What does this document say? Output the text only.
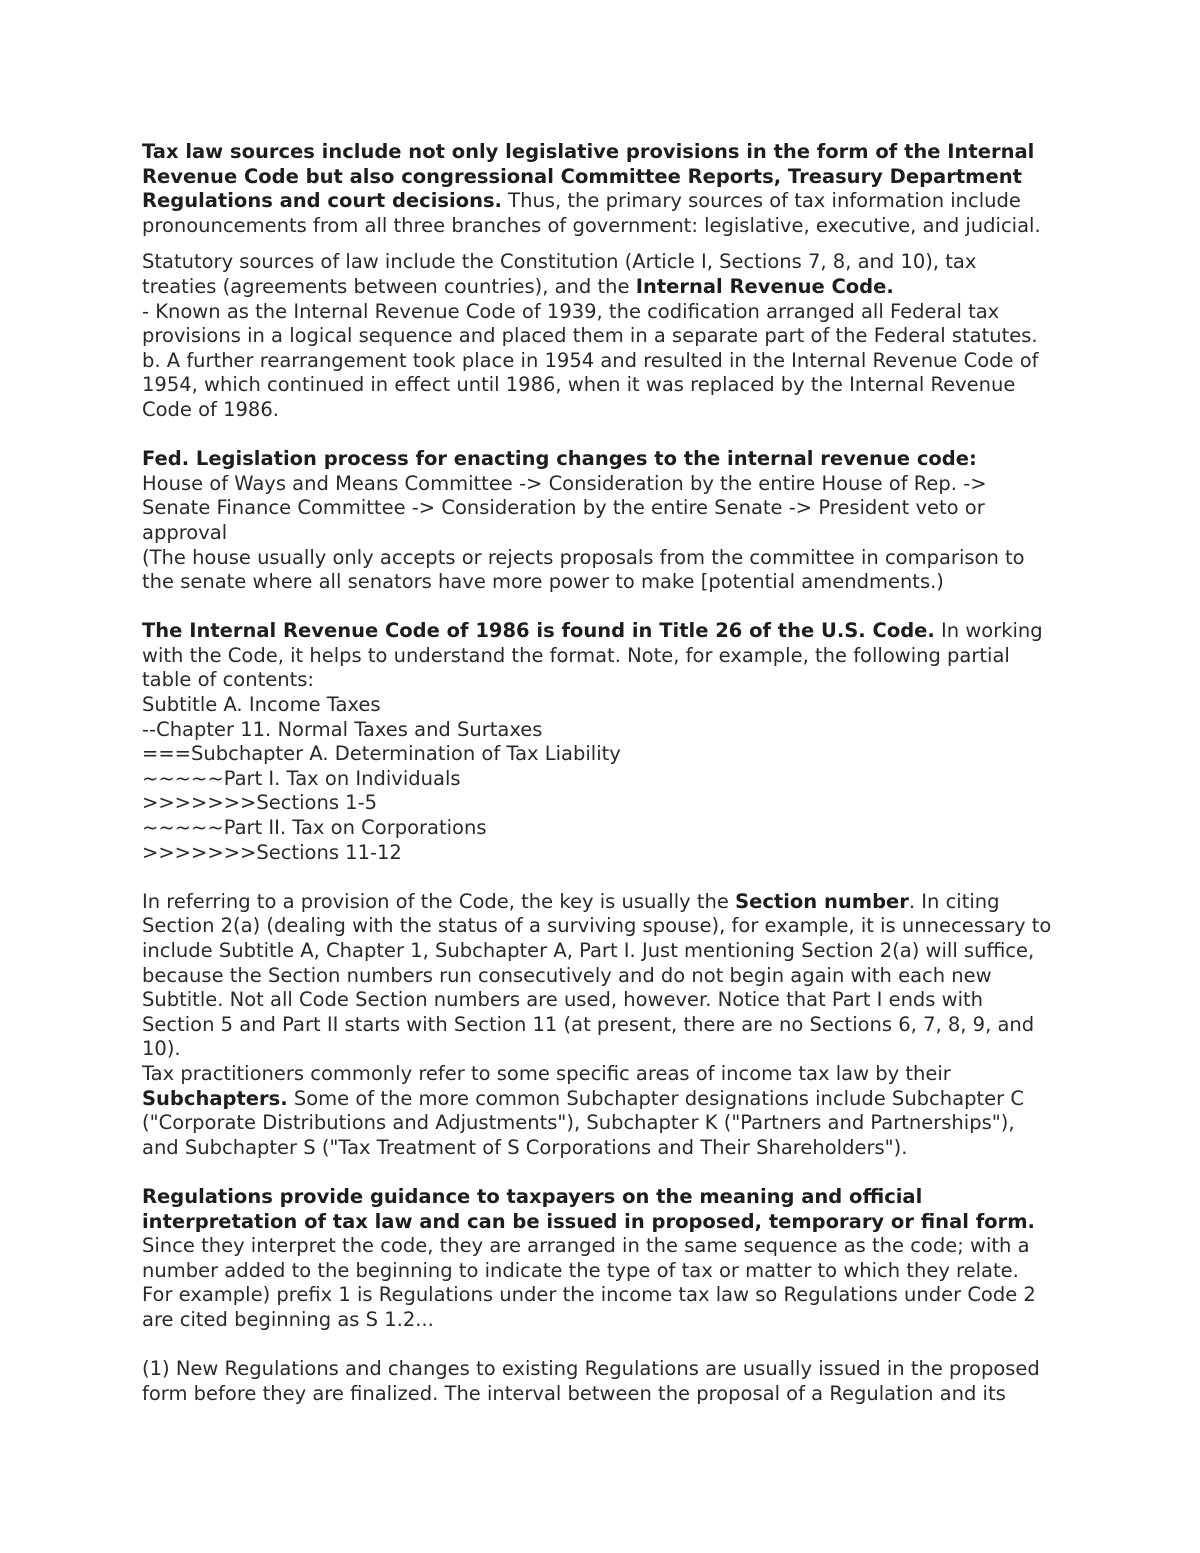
Tax law sources include not only legislative provisions in the form of the Internal
Revenue Code but also congressional Committee Reports, Treasury Department
Regulations and court decisions. Thus, the primary sources of tax information include
pronouncements from all three branches of government: legislative, executive, and judicial.
Statutory sources of law include the Constitution (Article I, Sections 7, 8, and 10), tax
treaties (agreements between countries), and the Internal Revenue Code.
- Known as the Internal Revenue Code of 1939, the codification arranged all Federal tax
provisions in a logical sequence and placed them in a separate part of the Federal statutes.
b. A further rearrangement took place in 1954 and resulted in the Internal Revenue Code of
1954, which continued in effect until 1986, when it was replaced by the Internal Revenue
Code of 1986.
Fed. Legislation process for enacting changes to the internal revenue code:
House of Ways and Means Committee -> Consideration by the entire House of Rep. ->
Senate Finance Committee -> Consideration by the entire Senate -> President veto or
approval
(The house usually only accepts or rejects proposals from the committee in comparison to
the senate where all senators have more power to make [potential amendments.)
The Internal Revenue Code of 1986 is found in Title 26 of the U.S. Code. In working
with the Code, it helps to understand the format. Note, for example, the following partial
table of contents:
Subtitle A. Income Taxes
--Chapter 11. Normal Taxes and Surtaxes
===Subchapter A. Determination of Tax Liability
~~~~~Part I. Tax on Individuals
>>>>>>>Sections 1-5
~~~~~Part II. Tax on Corporations
>>>>>>>Sections 11-12
In referring to a provision of the Code, the key is usually the Section number. In citing
Section 2(a) (dealing with the status of a surviving spouse), for example, it is unnecessary to
include Subtitle A, Chapter 1, Subchapter A, Part I. Just mentioning Section 2(a) will suffice,
because the Section numbers run consecutively and do not begin again with each new
Subtitle. Not all Code Section numbers are used, however. Notice that Part I ends with
Section 5 and Part II starts with Section 11 (at present, there are no Sections 6, 7, 8, 9, and
10).
Tax practitioners commonly refer to some specific areas of income tax law by their
Subchapters. Some of the more common Subchapter designations include Subchapter C
("Corporate Distributions and Adjustments"), Subchapter K ("Partners and Partnerships"),
and Subchapter S ("Tax Treatment of S Corporations and Their Shareholders").
Regulations provide guidance to taxpayers on the meaning and official
interpretation of tax law and can be issued in proposed, temporary or final form.
Since they interpret the code, they are arranged in the same sequence as the code; with a
number added to the beginning to indicate the type of tax or matter to which they relate.
For example) prefix 1 is Regulations under the income tax law so Regulations under Code 2
are cited beginning as S 1.2...
(1) New Regulations and changes to existing Regulations are usually issued in the proposed
form before they are finalized. The interval between the proposal of a Regulation and its
